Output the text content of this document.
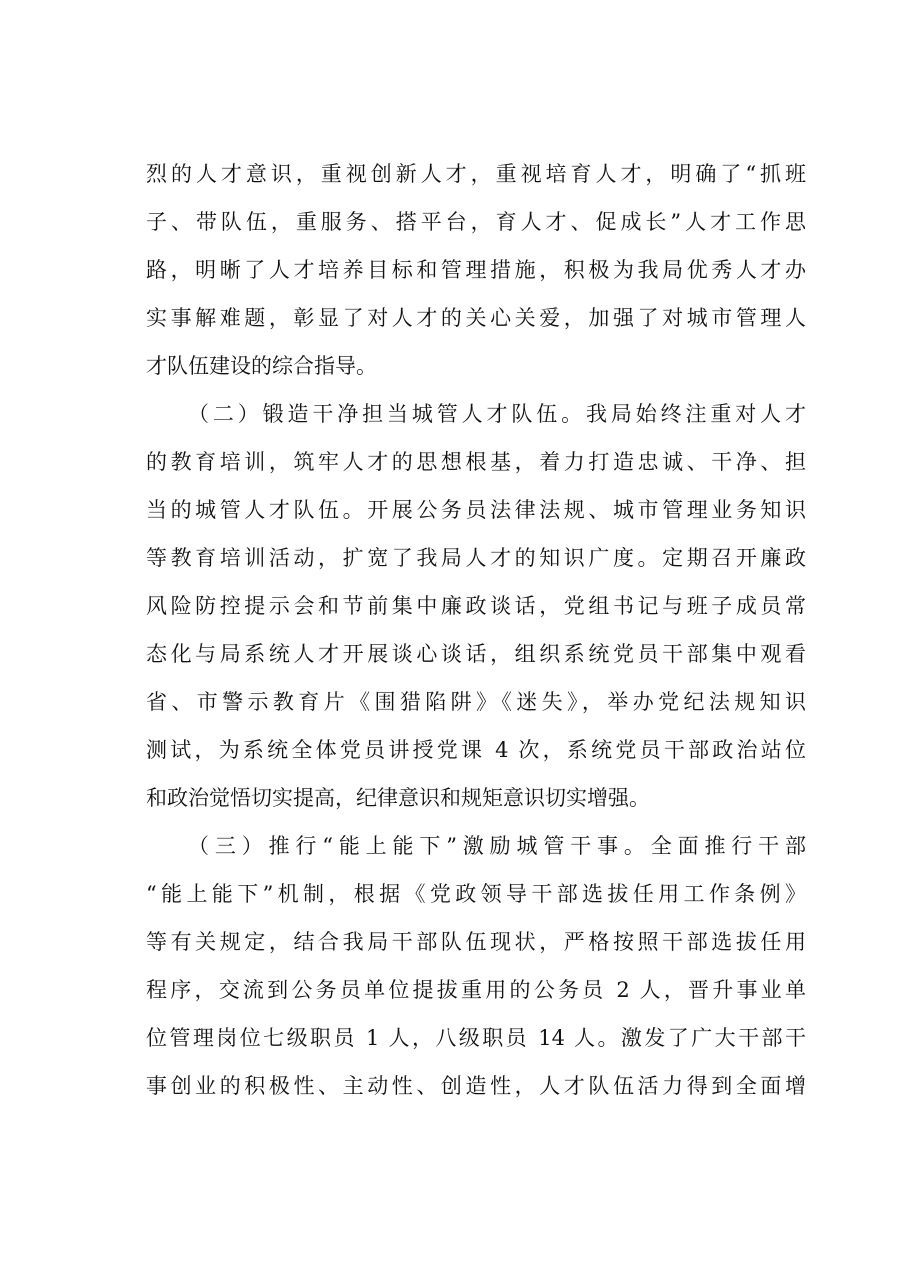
烈的人才意识，重视创新人才，重视培育人才，明确了“抓班
子、带队伍，重服务、搭平台，育人才、促成长”人才工作思
路，明晰了人才培养目标和管理措施，积极为我局优秀人才办
实事解难题，彰显了对人才的关心关爱，加强了对城市管理人
才队伍建设的综合指导。
（二）锻造干净担当城管人才队伍。我局始终注重对人才
的教育培训，筑牢人才的思想根基，着力打造忠诚、干净、担
当的城管人才队伍。开展公务员法律法规、城市管理业务知识
等教育培训活动，扩宽了我局人才的知识广度。定期召开廉政
风险防控提示会和节前集中廉政谈话，党组书记与班子成员常
态化与局系统人才开展谈心谈话，组织系统党员干部集中观看
省、市警示教育片《围猎陷阱》《迷失》，举办党纪法规知识
测试，为系统全体党员讲授党课 4 次，系统党员干部政治站位
和政治觉悟切实提高，纪律意识和规矩意识切实增强。
（三）推行“能上能下”激励城管干事。全面推行干部
“能上能下”机制，根据《党政领导干部选拔任用工作条例》
等有关规定，结合我局干部队伍现状，严格按照干部选拔任用
程序，交流到公务员单位提拔重用的公务员 2 人，晋升事业单
位管理岗位七级职员 1 人，八级职员 14 人。激发了广大干部干
事创业的积极性、主动性、创造性，人才队伍活力得到全面增
